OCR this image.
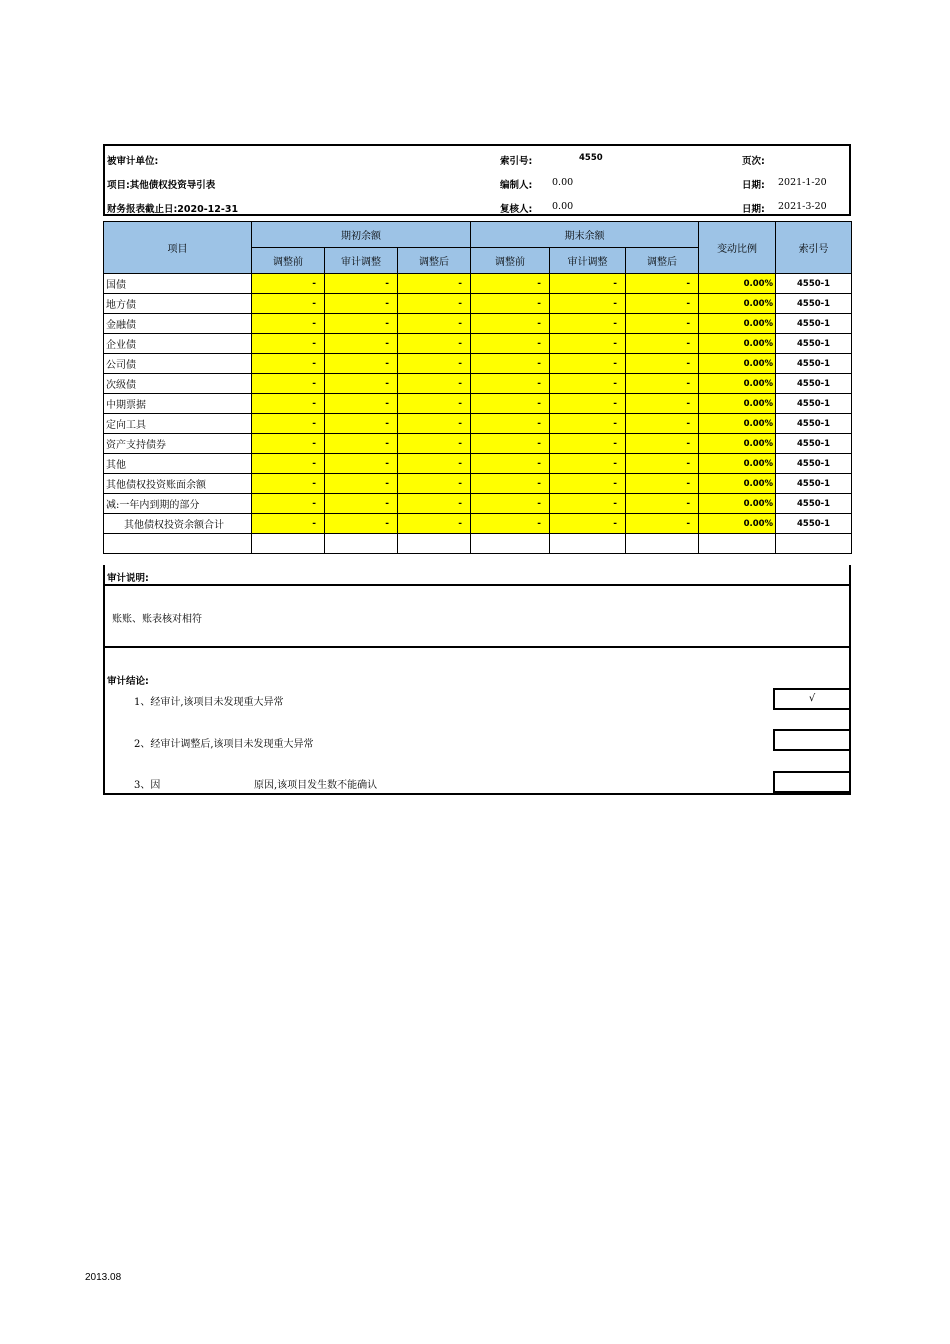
被审计单位:
项目:其他债权投资导引表
财务报表截止日:2020-12-31
索引号:	4550
编制人: 0.00
复核人: 0.00
页次:
日期: 2021-1-20
日期: 2021-3-20
项目	期初余额			期末余额			变动比例	索引号
	调整前	审计调整	调整后	调整前	审计调整	调整后		
国债	-	-	-	-	-	-	0.00%	4550-1
地方债	-	-	-	-	-	-	0.00%	4550-1
金融债	-	-	-	-	-	-	0.00%	4550-1
企业债	-	-	-	-	-	-	0.00%	4550-1
公司债	-	-	-	-	-	-	0.00%	4550-1
次级债	-	-	-	-	-	-	0.00%	4550-1
中期票据	-	-	-	-	-	-	0.00%	4550-1
定向工具	-	-	-	-	-	-	0.00%	4550-1
资产支持债券	-	-	-	-	-	-	0.00%	4550-1
其他	-	-	-	-	-	-	0.00%	4550-1
其他债权投资账面余额	-	-	-	-	-	-	0.00%	4550-1
减:一年内到期的部分	-	-	-	-	-	-	0.00%	4550-1
其他债权投资余额合计	-	-	-	-	-	-	0.00%	4550-1

审计说明:
账账、账表核对相符
审计结论:
1、经审计,该项目未发现重大异常	√
2、经审计调整后,该项目未发现重大异常
3、因	原因,该项目发生数不能确认
2013.08
